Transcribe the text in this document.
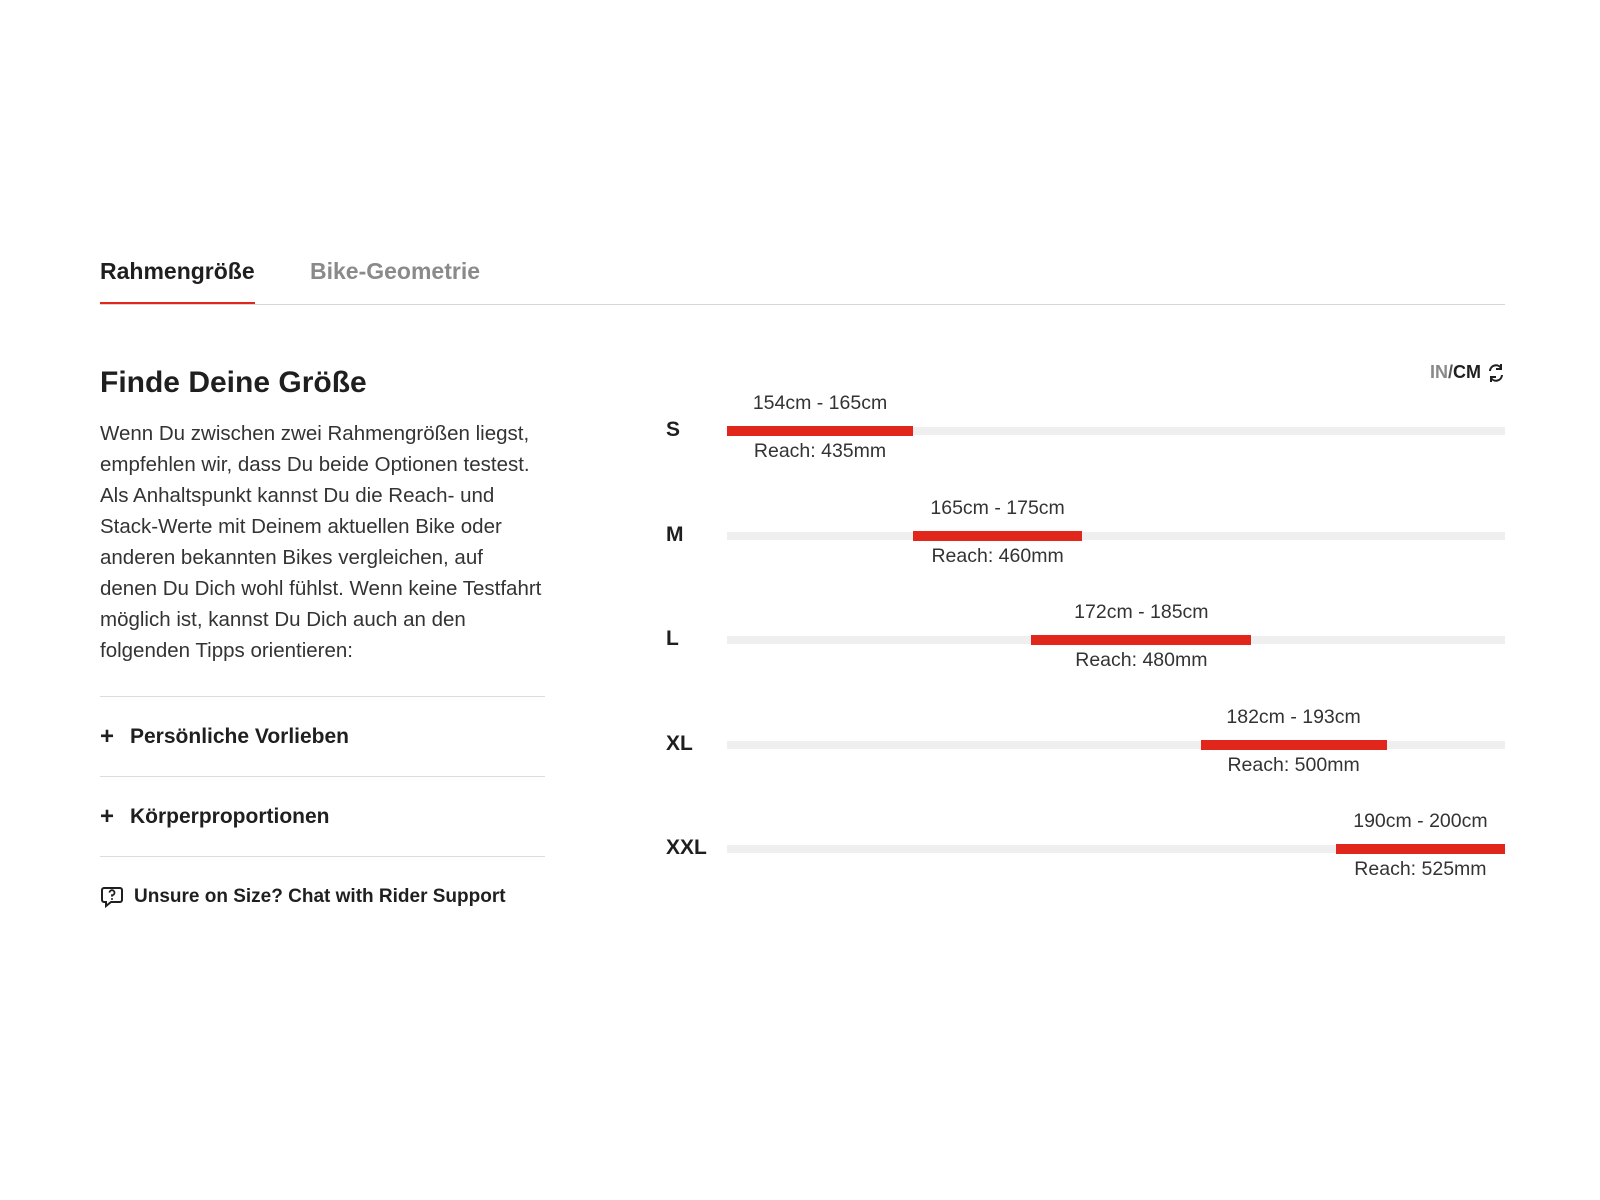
Rahmengröße Bike-Geometrie
Finde Deine Größe

Wenn Du zwischen zwei Rahmengrößen liegst, empfehlen wir, dass Du beide Optionen testest. Als Anhaltspunkt kannst Du die Reach- und Stack-Werte mit Deinem aktuellen Bike oder anderen bekannten Bikes vergleichen, auf denen Du Dich wohl fühlst. Wenn keine Testfahrt möglich ist, kannst Du Dich auch an den folgenden Tipps orientieren:

+ Persönliche Vorlieben
+ Körperproportionen
Unsure on Size? Chat with Rider Support
IN / CM
S
154cm - 165cm
Reach: 435mm
M
165cm - 175cm
Reach: 460mm
L
172cm - 185cm
Reach: 480mm
XL
182cm - 193cm
Reach: 500mm
XXL
190cm - 200cm
Reach: 525mm
